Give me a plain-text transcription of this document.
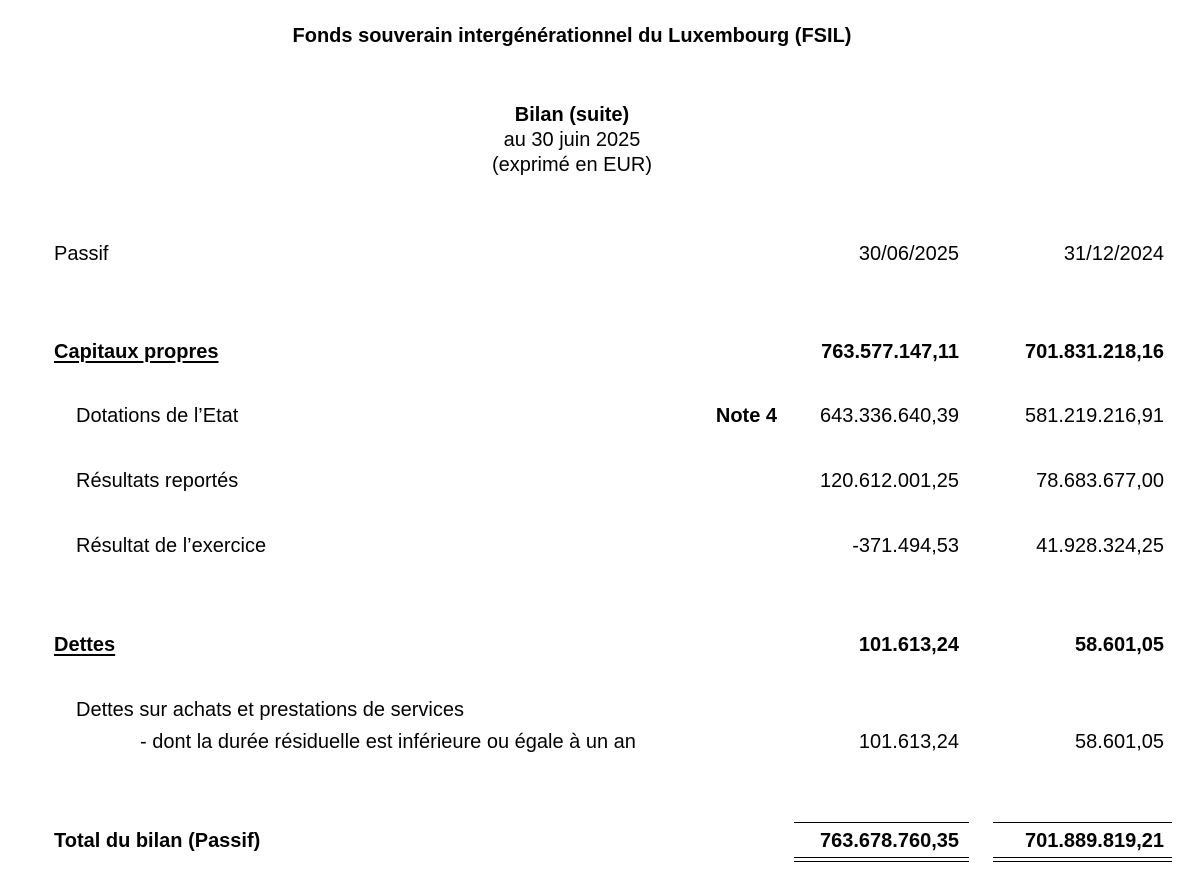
Fonds souverain intergénérationnel du Luxembourg (FSIL)
Bilan (suite)
au 30 juin 2025
(exprimé en EUR)
Passif	30/06/2025	31/12/2024
Capitaux propres	763.577.147,11	701.831.218,16
Dotations de l’Etat	Note 4 643.336.640,39	581.219.216,91
Résultats reportés	120.612.001,25	78.683.677,00
Résultat de l’exercice	-371.494,53	41.928.324,25
Dettes	101.613,24	58.601,05
Dettes sur achats et prestations de services
- dont la durée résiduelle est inférieure ou égale à un an	101.613,24	58.601,05
Total du bilan (Passif)	763.678.760,35	701.889.819,21
